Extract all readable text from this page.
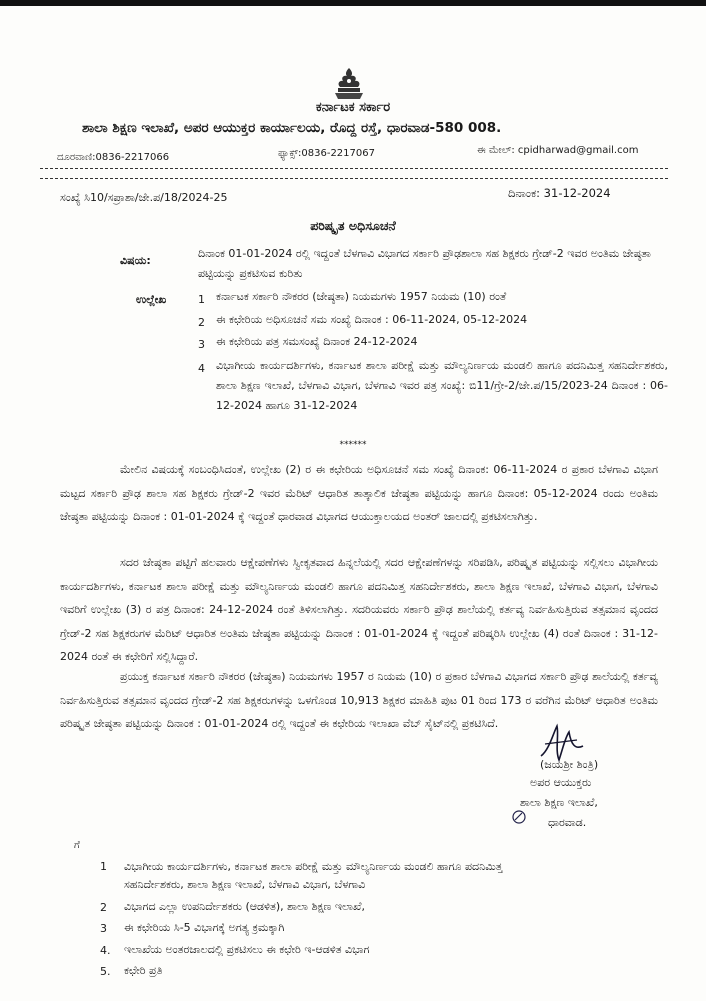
ಕರ್ನಾಟಕ ಸರ್ಕಾರ
ಶಾಲಾ ಶಿಕ್ಷಣ ಇಲಾಖೆ, ಅಪರ ಆಯುಕ್ತರ ಕಾರ್ಯಾಲಯ, ರೊದ್ದ ರಸ್ತೆ, ಧಾರವಾಡ-580 008.
ದೂರವಾಣಿ:0836-2217066	ಫ್ಯಾಕ್ಸ್:0836-2217067	ಈ ಮೇಲ್: cpidharwad@gmail.com
ಸಂಖ್ಯೆ ಸಿ10/ಸಪ್ರಾಶಾ/ಜೇ.ಪ/18/2024-25	ದಿನಾಂಕ: 31-12-2024
ಪರಿಷ್ಕೃತ ಅಧಿಸೂಚನೆ
ವಿಷಯ:
ದಿನಾಂಕ 01-01-2024 ರಲ್ಲಿ ಇದ್ದಂತೆ ಬೆಳಗಾವಿ ವಿಭಾಗದ ಸರ್ಕಾರಿ ಪ್ರೌಢಶಾಲಾ ಸಹ ಶಿಕ್ಷಕರು ಗ್ರೇಡ್-2 ಇವರ ಅಂತಿಮ ಜೇಷ್ಠತಾ ಪಟ್ಟಿಯನ್ನು ಪ್ರಕಟಿಸುವ ಕುರಿತು
ಉಲ್ಲೇಖ	1 ಕರ್ನಾಟಕ ಸರ್ಕಾರಿ ನೌಕರರ (ಜೇಷ್ಠತಾ) ನಿಯಮಗಳು 1957 ನಿಯಮ (10) ರಂತೆ
2 ಈ ಕಛೇರಿಯ ಅಧಿಸೂಚನೆ ಸಮ ಸಂಖ್ಯೆ ದಿನಾಂಕ : 06-11-2024, 05-12-2024
3 ಈ ಕಛೇರಿಯ ಪತ್ರ ಸಮಸಂಖ್ಯೆ ದಿನಾಂಕ 24-12-2024
4 ವಿಭಾಗೀಯ ಕಾರ್ಯದರ್ಶಿಗಳು, ಕರ್ನಾಟಕ ಶಾಲಾ ಪರೀಕ್ಷೆ ಮತ್ತು ಮೌಲ್ಯನಿರ್ಣಯ ಮಂಡಲಿ ಹಾಗೂ ಪದನಿಮಿತ್ತ ಸಹನಿರ್ದೇಶಕರು, ಶಾಲಾ ಶಿಕ್ಷಣ ಇಲಾಖೆ, ಬೆಳಗಾವಿ ವಿಭಾಗ, ಬೆಳಗಾವಿ ಇವರ ಪತ್ರ ಸಂಖ್ಯೆ: ಬಿ11/ಗ್ರೇ-2/ಜೇ.ಪ/15/2023-24 ದಿನಾಂಕ : 06-12-2024 ಹಾಗೂ 31-12-2024
******
ಮೇಲಿನ ವಿಷಯಕ್ಕೆ ಸಂಬಂಧಿಸಿದಂತೆ, ಉಲ್ಲೇಖ (2) ರ ಈ ಕಛೇರಿಯ ಅಧಿಸೂಚನೆ ಸಮ ಸಂಖ್ಯೆ ದಿನಾಂಕ: 06-11-2024 ರ ಪ್ರಕಾರ ಬೆಳಗಾವಿ ವಿಭಾಗ ಮಟ್ಟದ ಸರ್ಕಾರಿ ಪ್ರೌಢ ಶಾಲಾ ಸಹ ಶಿಕ್ಷಕರು ಗ್ರೇಡ್-2 ಇವರ ಮೆರಿಟ್ ಆಧಾರಿತ ತಾತ್ಕಾಲಿಕ ಜೇಷ್ಠತಾ ಪಟ್ಟಿಯನ್ನು ಹಾಗೂ ದಿನಾಂಕ: 05-12-2024 ರಂದು ಅಂತಿಮ ಜೇಷ್ಠತಾ ಪಟ್ಟಿಯನ್ನು ದಿನಾಂಕ : 01-01-2024 ಕ್ಕೆ ಇದ್ದಂತೆ ಧಾರವಾಡ ವಿಭಾಗದ ಆಯುಕ್ತಾಲಯದ ಅಂತರ್ ಜಾಲದಲ್ಲಿ ಪ್ರಕಟಿಸಲಾಗಿತ್ತು.
ಸದರ ಜೇಷ್ಠತಾ ಪಟ್ಟಿಗೆ ಹಲವಾರು ಆಕ್ಷೇಪಣೆಗಳು ಸ್ವೀಕೃತವಾದ ಹಿನ್ನಲೆಯಲ್ಲಿ ಸದರ ಆಕ್ಷೇಪಣೆಗಳನ್ನು ಸರಿಪಡಿಸಿ, ಪರಿಷ್ಕೃತ ಪಟ್ಟಿಯನ್ನು ಸಲ್ಲಿಸಲು ವಿಭಾಗೀಯ ಕಾರ್ಯದರ್ಶಿಗಳು, ಕರ್ನಾಟಕ ಶಾಲಾ ಪರೀಕ್ಷೆ ಮತ್ತು ಮೌಲ್ಯನಿರ್ಣಯ ಮಂಡಲಿ ಹಾಗೂ ಪದನಿಮಿತ್ತ ಸಹನಿರ್ದೇಶಕರು, ಶಾಲಾ ಶಿಕ್ಷಣ ಇಲಾಖೆ, ಬೆಳಗಾವಿ ವಿಭಾಗ, ಬೆಳಗಾವಿ ಇವರಿಗೆ ಉಲ್ಲೇಖ (3) ರ ಪತ್ರ ದಿನಾಂಕ: 24-12-2024 ರಂತೆ ತಿಳಿಸಲಾಗಿತ್ತು. ಸದರಿಯವರು ಸರ್ಕಾರಿ ಪ್ರೌಢ ಶಾಲೆಯಲ್ಲಿ ಕರ್ತವ್ಯ ನಿರ್ವಹಿಸುತ್ತಿರುವ ತತ್ಸಮಾನ ವೃಂದದ ಗ್ರೇಡ್-2 ಸಹ ಶಿಕ್ಷಕರುಗಳ ಮೆರಿಟ್ ಆಧಾರಿತ ಅಂತಿಮ ಜೇಷ್ಠತಾ ಪಟ್ಟಿಯನ್ನು ದಿನಾಂಕ : 01-01-2024 ಕ್ಕೆ ಇದ್ದಂತೆ ಪರಿಷ್ಕರಿಸಿ ಉಲ್ಲೇಖ (4) ರಂತೆ ದಿನಾಂಕ : 31-12-2024 ರಂತೆ ಈ ಕಛೇರಿಗೆ ಸಲ್ಲಿಸಿದ್ದಾರೆ.
ಪ್ರಯುಕ್ತ ಕರ್ನಾಟಕ ಸರ್ಕಾರಿ ನೌಕರರ (ಜೇಷ್ಠತಾ) ನಿಯಮಗಳು 1957 ರ ನಿಯಮ (10) ರ ಪ್ರಕಾರ ಬೆಳಗಾವಿ ವಿಭಾಗದ ಸರ್ಕಾರಿ ಪ್ರೌಢ ಶಾಲೆಯಲ್ಲಿ ಕರ್ತವ್ಯ ನಿರ್ವಹಿಸುತ್ತಿರುವ ತತ್ಸಮಾನ ವೃಂದದ ಗ್ರೇಡ್-2 ಸಹ ಶಿಕ್ಷಕರುಗಳನ್ನು ಒಳಗೊಂಡ 10,913 ಶಿಕ್ಷಕರ ಮಾಹಿತಿ ಪುಟ 01 ರಿಂದ 173 ರ ವರೆಗಿನ ಮೆರಿಟ್ ಆಧಾರಿತ ಅಂತಿಮ ಪರಿಷ್ಕೃತ ಜೇಷ್ಠತಾ ಪಟ್ಟಿಯನ್ನು ದಿನಾಂಕ : 01-01-2024 ರಲ್ಲಿ ಇದ್ದಂತೆ ಈ ಕಛೇರಿಯ ಇಲಾಖಾ ವೆಬ್ ಸೈಟ್‌ನಲ್ಲಿ ಪ್ರಕಟಿಸಿದೆ.
(ಜಯಶ್ರೀ ಶಿಂತ್ರಿ)
ಅಪರ ಆಯುಕ್ತರು
ಶಾಲಾ ಶಿಕ್ಷಣ ಇಲಾಖೆ,
ಧಾರವಾಡ.
ಗೆ
1 ವಿಭಾಗೀಯ ಕಾರ್ಯದರ್ಶಿಗಳು, ಕರ್ನಾಟಕ ಶಾಲಾ ಪರೀಕ್ಷೆ ಮತ್ತು ಮೌಲ್ಯನಿರ್ಣಯ ಮಂಡಲಿ ಹಾಗೂ ಪದನಿಮಿತ್ತ
ಸಹನಿರ್ದೇಶಕರು, ಶಾಲಾ ಶಿಕ್ಷಣ ಇಲಾಖೆ, ಬೆಳಗಾವಿ ವಿಭಾಗ, ಬೆಳಗಾವಿ
2 ವಿಭಾಗದ ಎಲ್ಲಾ ಉಪನಿರ್ದೇಶಕರು (ಆಡಳಿತ), ಶಾಲಾ ಶಿಕ್ಷಣ ಇಲಾಖೆ,
3 ಈ ಕಛೇರಿಯ ಸಿ-5 ವಿಭಾಗಕ್ಕೆ ಅಗತ್ಯ ಕ್ರಮಕ್ಕಾಗಿ
4. ಇಲಾಖೆಯ ಅಂತರಜಾಲದಲ್ಲಿ ಪ್ರಕಟಿಸಲು ಈ ಕಛೇರಿ ಇ-ಆಡಳಿತ ವಿಭಾಗ
5. ಕಛೇರಿ ಪ್ರತಿ
